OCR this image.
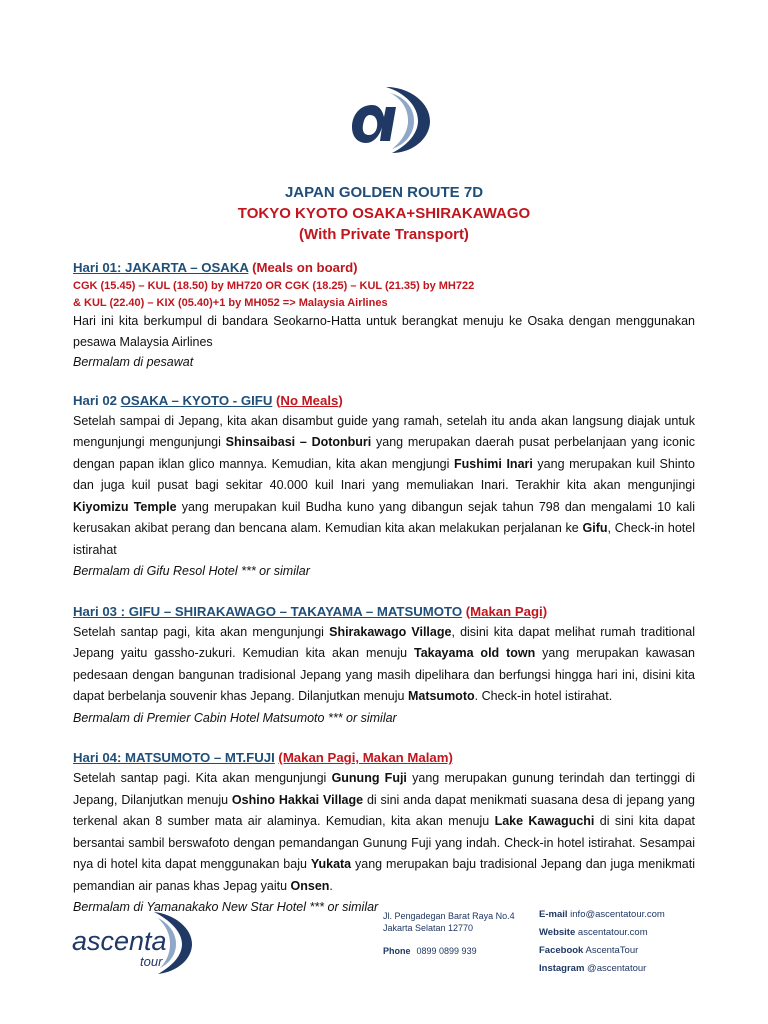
JAPAN GOLDEN ROUTE 7D
TOKYO KYOTO OSAKA+SHIRAKAWAGO
(With Private Transport)
Hari 01: JAKARTA – OSAKA (Meals on board)
CGK (15.45) – KUL (18.50) by MH720 OR CGK (18.25) – KUL (21.35) by MH722
& KUL (22.40) – KIX (05.40)+1 by MH052 => Malaysia Airlines
Hari ini kita berkumpul di bandara Seokarno-Hatta untuk berangkat menuju ke Osaka dengan menggunakan pesawa Malaysia Airlines
Bermalam di pesawat
Hari 02 OSAKA – KYOTO - GIFU (No Meals)
Setelah sampai di Jepang, kita akan disambut guide yang ramah, setelah itu anda akan langsung diajak untuk mengunjungi mengunjungi Shinsaibasi – Dotonburi yang merupakan daerah pusat perbelanjaan yang iconic dengan papan iklan glico mannya. Kemudian, kita akan mengjungi Fushimi Inari yang merupakan kuil Shinto dan juga kuil pusat bagi sekitar 40.000 kuil Inari yang memuliakan Inari. Terakhir kita akan mengunjingi Kiyomizu Temple yang merupakan kuil Budha kuno yang dibangun sejak tahun 798 dan mengalami 10 kali kerusakan akibat perang dan bencana alam. Kemudian kita akan melakukan perjalanan ke Gifu, Check-in hotel istirahat
Bermalam di Gifu Resol Hotel *** or similar
Hari 03 : GIFU – SHIRAKAWAGO – TAKAYAMA – MATSUMOTO (Makan Pagi)
Setelah santap pagi, kita akan mengunjungi Shirakawago Village, disini kita dapat melihat rumah traditional Jepang yaitu gassho-zukuri. Kemudian kita akan menuju Takayama old town yang merupakan kawasan pedesaan dengan bangunan tradisional Jepang yang masih dipelihara dan berfungsi hingga hari ini, disini kita dapat berbelanja souvenir khas Jepang. Dilanjutkan menuju Matsumoto. Check-in hotel istirahat.
Bermalam di Premier Cabin Hotel Matsumoto *** or similar
Hari 04: MATSUMOTO – MT.FUJI (Makan Pagi, Makan Malam)
Setelah santap pagi. Kita akan mengunjungi Gunung Fuji yang merupakan gunung terindah dan tertinggi di Jepang, Dilanjutkan menuju Oshino Hakkai Village di sini anda dapat menikmati suasana desa di jepang yang terkenal akan 8 sumber mata air alaminya. Kemudian, kita akan menuju Lake Kawaguchi di sini kita dapat bersantai sambil berswafoto dengan pemandangan Gunung Fuji yang indah. Check-in hotel istirahat. Sesampai nya di hotel kita dapat menggunakan baju Yukata yang merupakan baju tradisional Jepang dan juga menikmati pemandian air panas khas Jepag yaitu Onsen.
Bermalam di Yamanakako New Star Hotel *** or similar
ascenta
tour
Jl. Pengadegan Barat Raya No.4
Jakarta Selatan 12770
Phone 0899 0899 939
E-mail info@ascentatour.com
Website ascentatour.com
Facebook AscentaTour
Instagram @ascentatour
